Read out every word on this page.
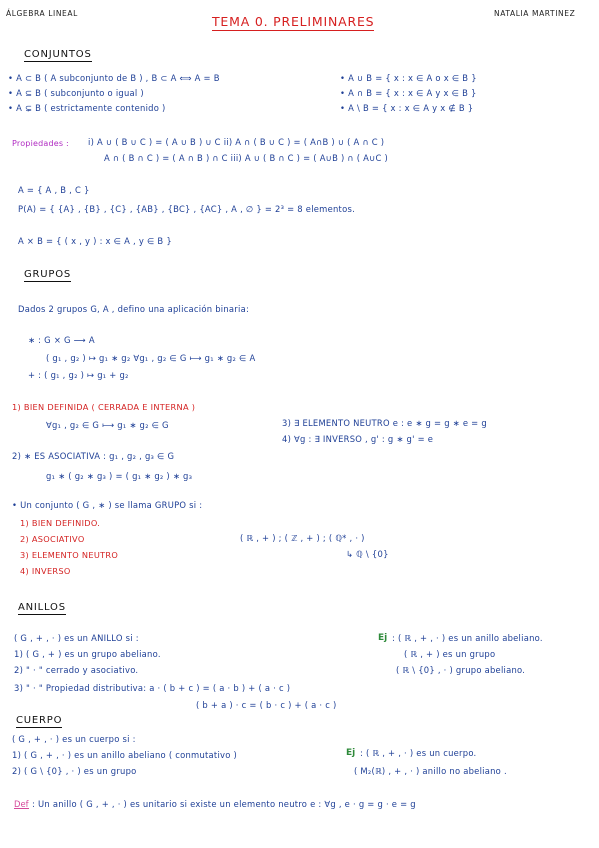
ÁLGEBRA LINEAL
TEMA 0. PRELIMINARES
NATALIA MARTINEZ
CONJUNTOS
• A ⊂ B ( A subconjunto de B ) , B ⊂ A ⟺ A = B
• A ⊆ B ( subconjunto o igual )
• A ⊊ B ( estrictamente contenido )
• A ∪ B = { x : x ∈ A o x ∈ B }
• A ∩ B = { x : x ∈ A y x ∈ B }
• A \ B = { x : x ∈ A y x ∉ B }
Propiedades : i) A ∪ ( B ∪ C ) = ( A ∪ B ) ∪ C ii) A ∩ ( B ∪ C ) = ( A∩B ) ∪ ( A ∩ C )
A ∩ ( B ∩ C ) = ( A ∩ B ) ∩ C iii) A ∪ ( B ∩ C ) = ( A∪B ) ∩ ( A∪C )
A = { A , B , C }
P(A) = { {A} , {B} , {C} , {AB} , {BC} , {AC} , A , ∅ } = 2³ = 8 elementos.
A × B = { ( x , y ) : x ∈ A , y ∈ B }
GRUPOS
Dados 2 grupos G, A , defino una aplicación binaria:
∗ : G × G ⟶ A
( g₁ , g₂ ) ↦ g₁ ∗ g₂ ∀g₁ , g₂ ∈ G ⟼ g₁ ∗ g₂ ∈ A
+ : ( g₁ , g₂ ) ↦ g₁ + g₂
1) BIEN DEFINIDA ( CERRADA E INTERNA )
∀g₁ , g₂ ∈ G ⟼ g₁ ∗ g₂ ∈ G	3) ∃ ELEMENTO NEUTRO e : e ∗ g = g ∗ e = g
4) ∀g : ∃ INVERSO , g' : g ∗ g' = e
2) ∗ ES ASOCIATIVA : g₁ , g₂ , g₃ ∈ G
g₁ ∗ ( g₂ ∗ g₃ ) = ( g₁ ∗ g₂ ) ∗ g₃
• Un conjunto ( G , ∗ ) se llama GRUPO si :
1) BIEN DEFINIDO.
2) ASOCIATIVO
3) ELEMENTO NEUTRO
4) INVERSO
( ℝ , + ) ; ( ℤ , + ) ; ( ℚ* , · )
↳ ℚ \ {0}
ANILLOS
( G , + , · ) es un ANILLO si :
1) ( G , + ) es un grupo abeliano.
2) " · " cerrado y asociativo.
3) " · " Propiedad distributiva: a · ( b + c ) = ( a · b ) + ( a · c )
( b + a ) · c = ( b · c ) + ( a · c )
Ej : ( ℝ , + , · ) es un anillo abeliano.
( ℝ , + ) es un grupo
( ℝ \ {0} , · ) grupo abeliano.
CUERPO
( G , + , · ) es un cuerpo si :
1) ( G , + , · ) es un anillo abeliano ( conmutativo )
2) ( G \ {0} , · ) es un grupo
Ej : ( ℝ , + , · ) es un cuerpo.
( M₂(ℝ) , + , · ) anillo no abeliano .
Def : Un anillo ( G , + , · ) es unitario si existe un elemento neutro e : ∀g , e · g = g · e = g
